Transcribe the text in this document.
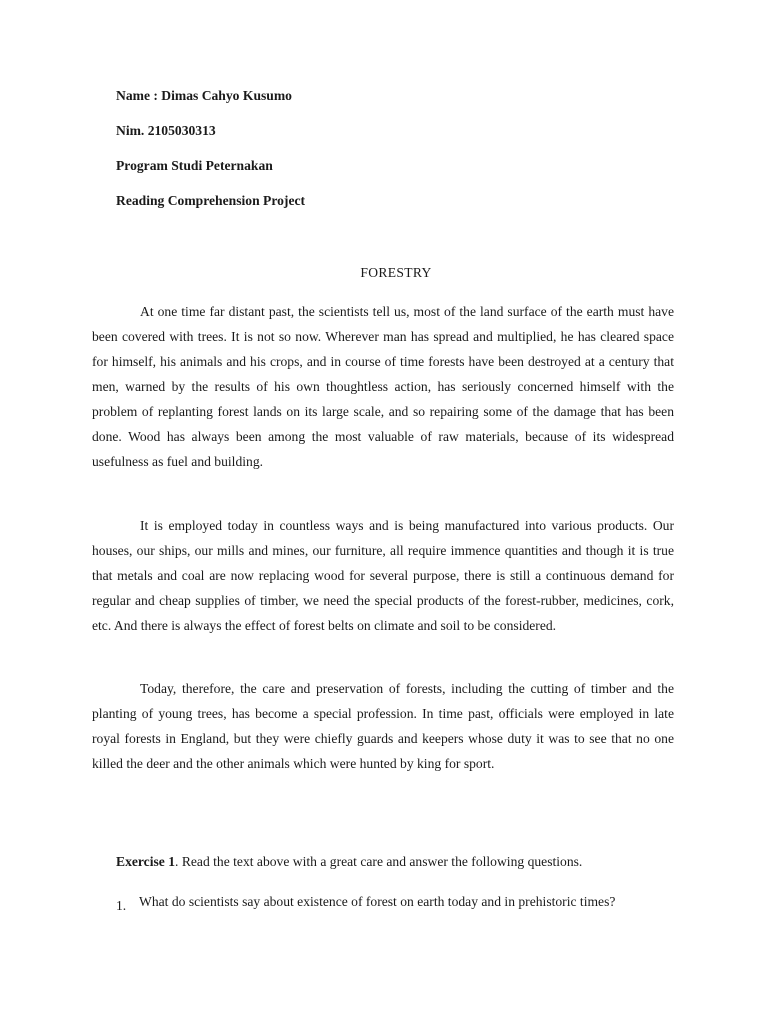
Name : Dimas Cahyo Kusumo
Nim. 2105030313
Program Studi Peternakan
Reading Comprehension Project
FORESTRY

At one time far distant past, the scientists tell us, most of the land surface of the earth must have been covered with trees. It is not so now. Wherever man has spread and multiplied, he has cleared space for himself, his animals and his crops, and in course of time forests have been destroyed at a century that men, warned by the results of his own thoughtless action, has seriously concerned himself with the problem of replanting forest lands on its large scale, and so repairing some of the damage that has been done. Wood has always been among the most valuable of raw materials, because of its widespread usefulness as fuel and building.

It is employed today in countless ways and is being manufactured into various products. Our houses, our ships, our mills and mines, our furniture, all require immence quantities and though it is true that metals and coal are now replacing wood for several purpose, there is still a continuous demand for regular and cheap supplies of timber, we need the special products of the forest-rubber, medicines, cork, etc. And there is always the effect of forest belts on climate and soil to be considered.

Today, therefore, the care and preservation of forests, including the cutting of timber and the planting of young trees, has become a special profession. In time past, officials were employed in late royal forests in England, but they were chiefly guards and keepers whose duty it was to see that no one killed the deer and the other animals which were hunted by king for sport.

Exercise 1. Read the text above with a great care and answer the following questions.
1. What do scientists say about existence of forest on earth today and in prehistoric times?
